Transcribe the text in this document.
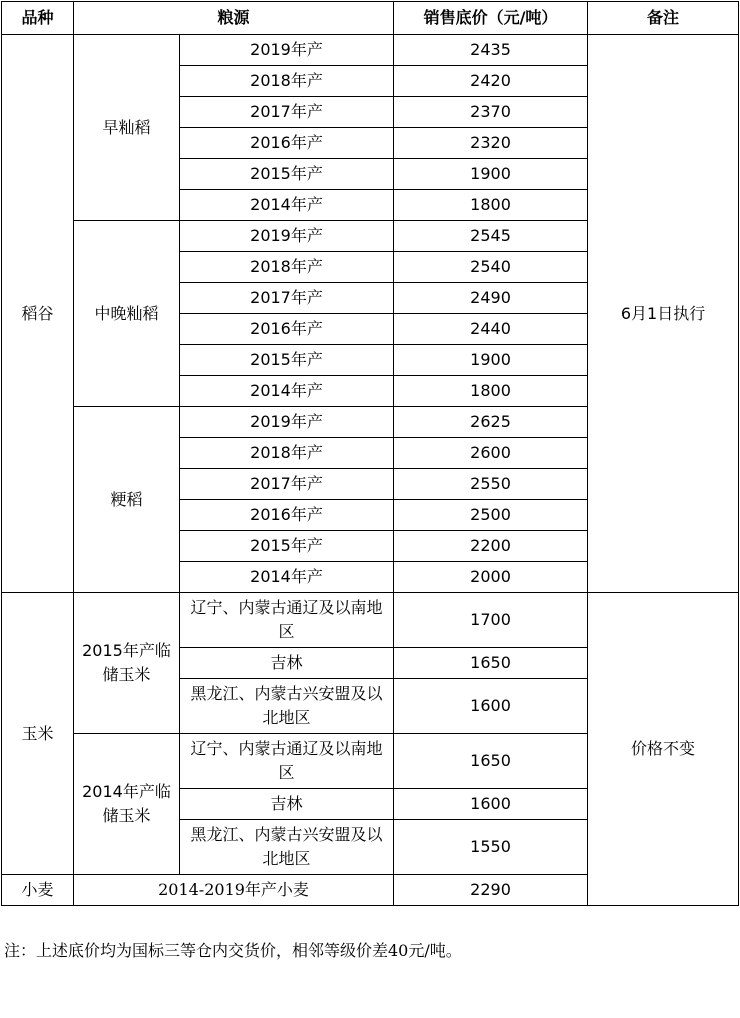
品种	粮源		销售底价（元/吨）	备注
稻谷	早籼稻	2019年产	2435	6月1日执行
		2018年产	2420	
		2017年产	2370	
		2016年产	2320	
		2015年产	1900	
		2014年产	1800	
	中晚籼稻	2019年产	2545	
		2018年产	2540	
		2017年产	2490	
		2016年产	2440	
		2015年产	1900	
		2014年产	1800	
	粳稻	2019年产	2625	
		2018年产	2600	
		2017年产	2550	
		2016年产	2500	
		2015年产	2200	
		2014年产	2000	
玉米	2015年产临储玉米	辽宁、内蒙古通辽及以南地区	1700	价格不变
		吉林	1650	
		黑龙江、内蒙古兴安盟及以北地区	1600	
	2014年产临储玉米	辽宁、内蒙古通辽及以南地区	1650	
		吉林	1600	
		黑龙江、内蒙古兴安盟及以北地区	1550	
小麦	2014-2019年产小麦		2290	
注：上述底价均为国标三等仓内交货价，相邻等级价差40元/吨。
